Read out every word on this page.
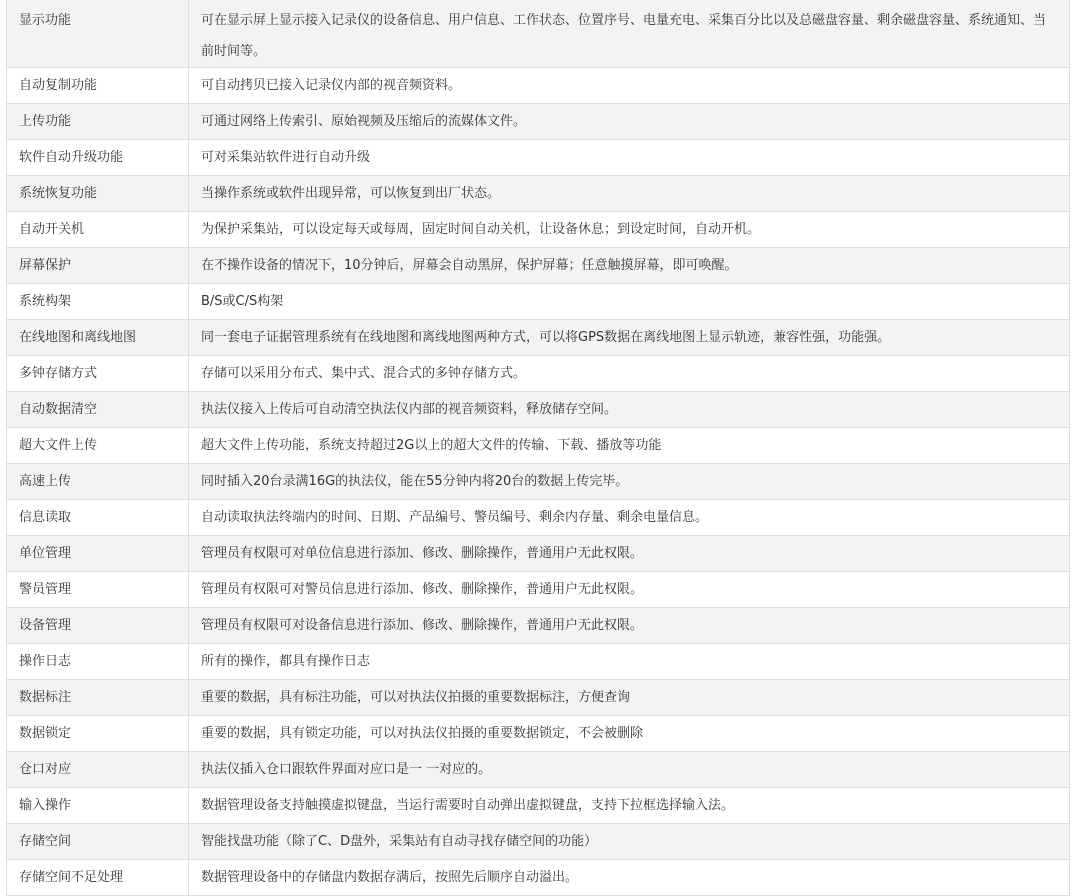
显示功能	可在显示屏上显示接入记录仪的设备信息、用户信息、工作状态、位置序号、电量充电、采集百分比以及总磁盘容量、剩余磁盘容量、系统通知、当前时间等。
自动复制功能	可自动拷贝已接入记录仪内部的视音频资料。
上传功能	可通过网络上传索引、原始视频及压缩后的流媒体文件。
软件自动升级功能	可对采集站软件进行自动升级
系统恢复功能	当操作系统或软件出现异常，可以恢复到出厂状态。
自动开关机	为保护采集站，可以设定每天或每周，固定时间自动关机，让设备休息；到设定时间，自动开机。
屏幕保护	在不操作设备的情况下，10分钟后，屏幕会自动黑屏，保护屏幕；任意触摸屏幕，即可唤醒。
系统构架	B/S或C/S构架
在线地图和离线地图	同一套电子证据管理系统有在线地图和离线地图两种方式，可以将GPS数据在离线地图上显示轨迹，兼容性强，功能强。
多钟存储方式	存储可以采用分布式、集中式、混合式的多钟存储方式。
自动数据清空	执法仪接入上传后可自动清空执法仪内部的视音频资料，释放储存空间。
超大文件上传	超大文件上传功能，系统支持超过2G以上的超大文件的传输、下载、播放等功能
高速上传	同时插入20台录满16G的执法仪，能在55分钟内将20台的数据上传完毕。
信息读取	自动读取执法终端内的时间、日期、产品编号、警员编号、剩余内存量、剩余电量信息。
单位管理	管理员有权限可对单位信息进行添加、修改、删除操作，普通用户无此权限。
警员管理	管理员有权限可对警员信息进行添加、修改、删除操作，普通用户无此权限。
设备管理	管理员有权限可对设备信息进行添加、修改、删除操作，普通用户无此权限。
操作日志	所有的操作，都具有操作日志
数据标注	重要的数据，具有标注功能，可以对执法仪拍摄的重要数据标注，方便查询
数据锁定	重要的数据，具有锁定功能，可以对执法仪拍摄的重要数据锁定，不会被删除
仓口对应	执法仪插入仓口跟软件界面对应口是一 一对应的。
输入操作	数据管理设备支持触摸虚拟键盘，当运行需要时自动弹出虚拟键盘，支持下拉框选择输入法。
存储空间	智能找盘功能（除了C、D盘外，采集站有自动寻找存储空间的功能）
存储空间不足处理	数据管理设备中的存储盘内数据存满后，按照先后顺序自动溢出。
